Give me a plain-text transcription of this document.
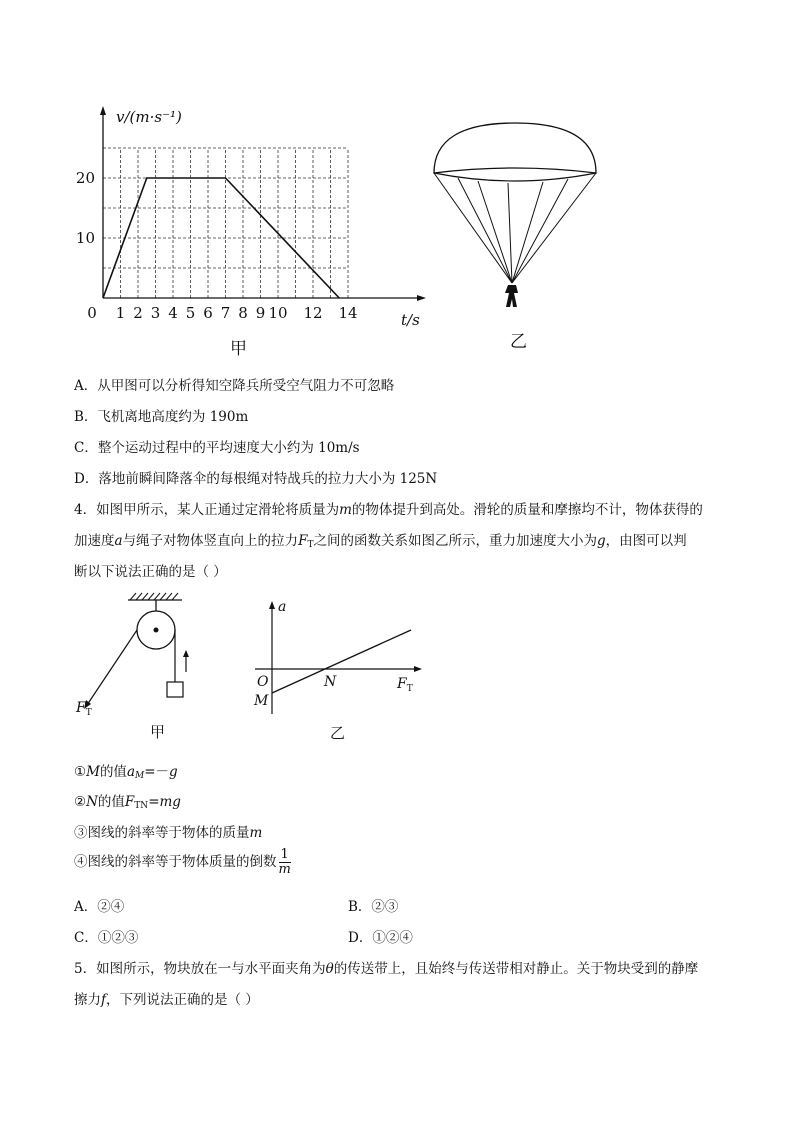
0 1 2 3 4 5 6 7 8 9 10 12 14
10
20
v/(m·s⁻¹)
t/s
甲	乙
A．从甲图可以分析得知空降兵所受空气阻力不可忽略
B．飞机离地高度约为 190m
C．整个运动过程中的平均速度大小约为 10m/s
D．落地前瞬间降落伞的每根绳对特战兵的拉力大小为 125N
4．如图甲所示，某人正通过定滑轮将质量为m的物体提升到高处。滑轮的质量和摩擦均不计，物体获得的
加速度a与绳子对物体竖直向上的拉力$F_T$之间的函数关系如图乙所示，重力加速度大小为g，由图可以判
断以下说法正确的是（ ）
$F_T$
甲
a
O	N
M
$F_T$
乙
①M的值$a_M=-g$
②N的值$F_{TN}=mg$
③图线的斜率等于物体的质量m
④图线的斜率等于物体质量的倒数 $\frac{1}{m}$
A．②④	B．②③
C．①②③	D．①②④
5．如图所示，物块放在一与水平面夹角为θ的传送带上，且始终与传送带相对静止。关于物块受到的静摩
擦力f，下列说法正确的是（ ）
